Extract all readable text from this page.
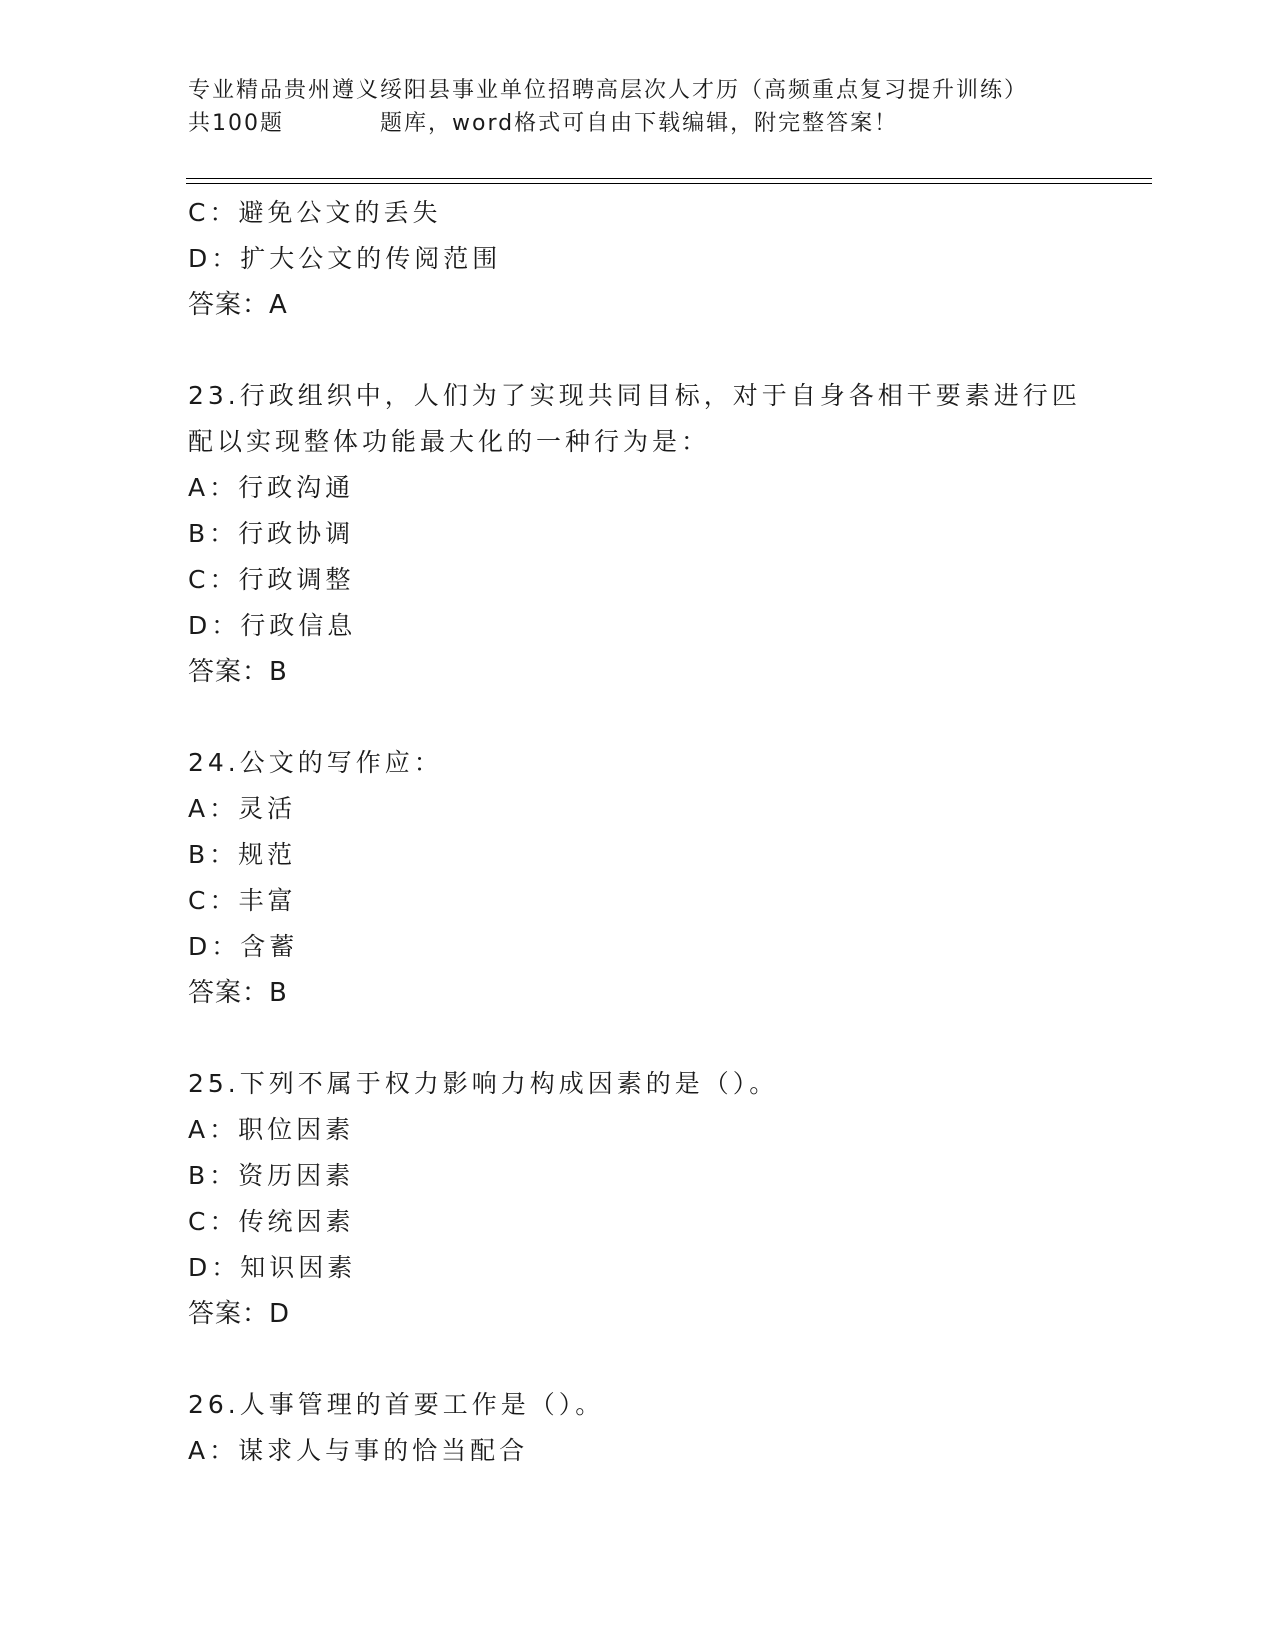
专业精品贵州遵义绥阳县事业单位招聘高层次人才历（高频重点复习提升训练）
共100题	题库，word格式可自由下载编辑，附完整答案！
C：避免公文的丢失
D：扩大公文的传阅范围
答案：A
23.行政组织中，人们为了实现共同目标，对于自身各相干要素进行匹
配以实现整体功能最大化的一种行为是：
A：行政沟通
B：行政协调
C：行政调整
D：行政信息
答案：B
24.公文的写作应：
A：灵活
B：规范
C：丰富
D：含蓄
答案：B
25.下列不属于权力影响力构成因素的是（）。
A：职位因素
B：资历因素
C：传统因素
D：知识因素
答案：D
26.人事管理的首要工作是（）。
A：谋求人与事的恰当配合
